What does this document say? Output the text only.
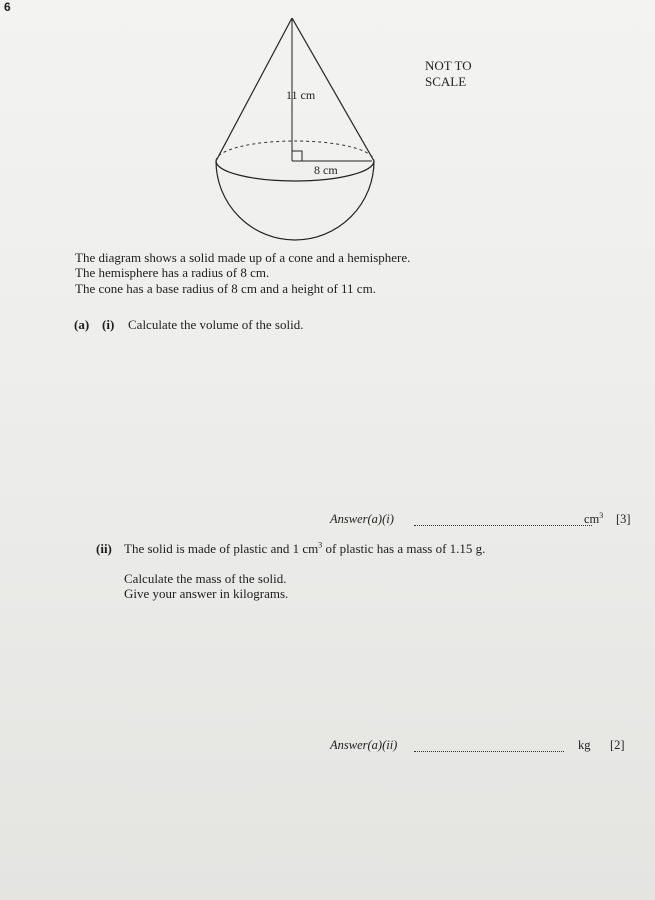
6
11 cm
8 cm
NOT TO
SCALE
The diagram shows a solid made up of a cone and a hemisphere.
The hemisphere has a radius of 8 cm.
The cone has a base radius of 8 cm and a height of 11 cm.
(a) (i) Calculate the volume of the solid.
Answer(a)(i)	$cm^3$ [3]
(ii) The solid is made of plastic and 1 $cm^3$ of plastic has a mass of 1.15 g.
Calculate the mass of the solid.
Give your answer in kilograms.
Answer(a)(ii)	kg [2]
